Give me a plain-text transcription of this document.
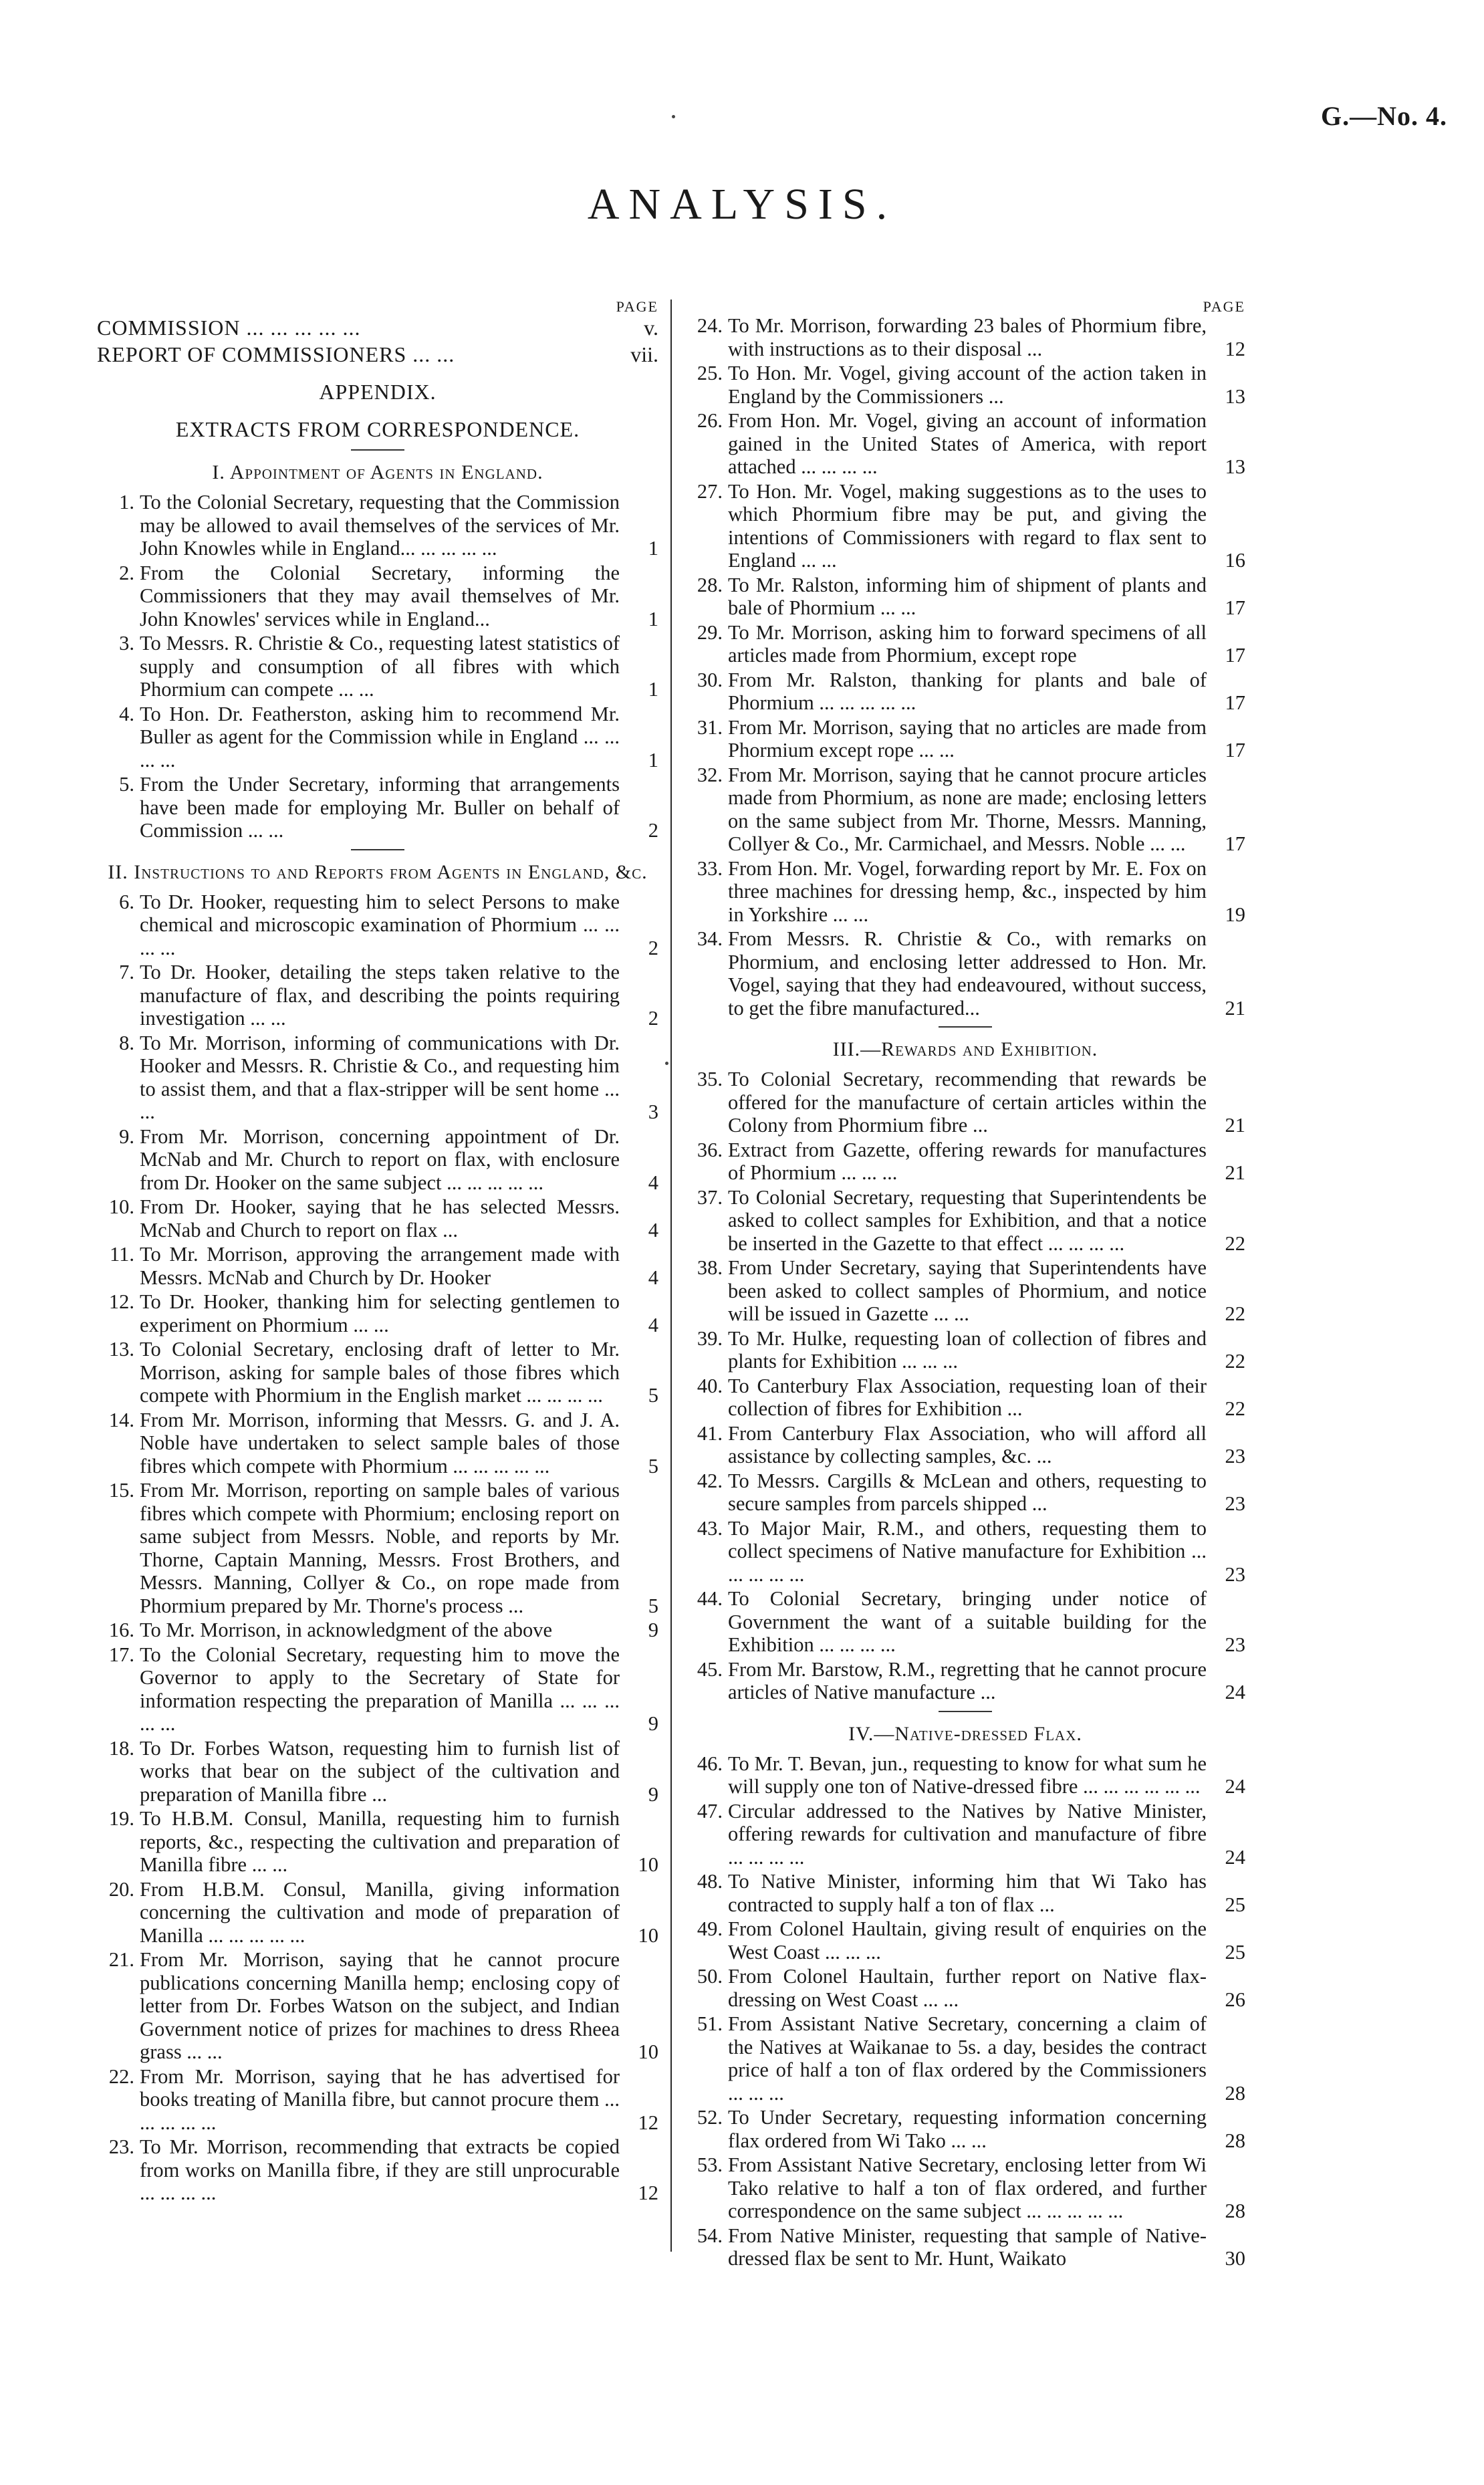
G.—No. 4.
ANALYSIS.
PAGE
COMMISSION ... ... ... ... ...	v.
REPORT OF COMMISSIONERS ... ...	vii.
APPENDIX.
EXTRACTS FROM CORRESPONDENCE.
I. Appointment of Agents in England.
1. To the Colonial Secretary, requesting that the Commission may be allowed to avail themselves of the services of Mr. John Knowles while in England... ... ... ... ...	1
2. From the Colonial Secretary, informing the Commissioners that they may avail themselves of Mr. John Knowles' services while in England...	1
3. To Messrs. R. Christie & Co., requesting latest statistics of supply and consumption of all fibres with which Phormium can compete ... ...	1
4. To Hon. Dr. Featherston, asking him to recommend Mr. Buller as agent for the Commission while in England ... ... ... ...	1
5. From the Under Secretary, informing that arrangements have been made for employing Mr. Buller on behalf of Commission ... ...	2
II. Instructions to and Reports from Agents in England, &c.
6. To Dr. Hooker, requesting him to select Persons to make chemical and microscopic examination of Phormium ... ... ... ...	2
7. To Dr. Hooker, detailing the steps taken relative to the manufacture of flax, and describing the points requiring investigation ... ...	2
8. To Mr. Morrison, informing of communications with Dr. Hooker and Messrs. R. Christie & Co., and requesting him to assist them, and that a flax-stripper will be sent home ... ...	3
9. From Mr. Morrison, concerning appointment of Dr. McNab and Mr. Church to report on flax, with enclosure from Dr. Hooker on the same subject ... ... ... ... ...	4
10. From Dr. Hooker, saying that he has selected Messrs. McNab and Church to report on flax ...	4
11. To Mr. Morrison, approving the arrangement made with Messrs. McNab and Church by Dr. Hooker	4
12. To Dr. Hooker, thanking him for selecting gentlemen to experiment on Phormium ... ...	4
13. To Colonial Secretary, enclosing draft of letter to Mr. Morrison, asking for sample bales of those fibres which compete with Phormium in the English market ... ... ... ...	5
14. From Mr. Morrison, informing that Messrs. G. and J. A. Noble have undertaken to select sample bales of those fibres which compete with Phormium ... ... ... ... ...	5
15. From Mr. Morrison, reporting on sample bales of various fibres which compete with Phormium; enclosing report on same subject from Messrs. Noble, and reports by Mr. Thorne, Captain Manning, Messrs. Frost Brothers, and Messrs. Manning, Collyer & Co., on rope made from Phormium prepared by Mr. Thorne's process ...	5
16. To Mr. Morrison, in acknowledgment of the above	9
17. To the Colonial Secretary, requesting him to move the Governor to apply to the Secretary of State for information respecting the preparation of Manilla ... ... ... ... ...	9
18. To Dr. Forbes Watson, requesting him to furnish list of works that bear on the subject of the cultivation and preparation of Manilla fibre ...	9
19. To H.B.M. Consul, Manilla, requesting him to furnish reports, &c., respecting the cultivation and preparation of Manilla fibre ... ...	10
20. From H.B.M. Consul, Manilla, giving information concerning the cultivation and mode of preparation of Manilla ... ... ... ... ...	10
21. From Mr. Morrison, saying that he cannot procure publications concerning Manilla hemp; enclosing copy of letter from Dr. Forbes Watson on the subject, and Indian Government notice of prizes for machines to dress Rheea grass ... ...	10
22. From Mr. Morrison, saying that he has advertised for books treating of Manilla fibre, but cannot procure them ... ... ... ... ...	12
23. To Mr. Morrison, recommending that extracts be copied from works on Manilla fibre, if they are still unprocurable ... ... ... ...	12
PAGE
24. To Mr. Morrison, forwarding 23 bales of Phormium fibre, with instructions as to their disposal ...	12
25. To Hon. Mr. Vogel, giving account of the action taken in England by the Commissioners ...	13
26. From Hon. Mr. Vogel, giving an account of information gained in the United States of America, with report attached ... ... ... ...	13
27. To Hon. Mr. Vogel, making suggestions as to the uses to which Phormium fibre may be put, and giving the intentions of Commissioners with regard to flax sent to England ... ...	16
28. To Mr. Ralston, informing him of shipment of plants and bale of Phormium ... ...	17
29. To Mr. Morrison, asking him to forward specimens of all articles made from Phormium, except rope	17
30. From Mr. Ralston, thanking for plants and bale of Phormium ... ... ... ... ...	17
31. From Mr. Morrison, saying that no articles are made from Phormium except rope ... ...	17
32. From Mr. Morrison, saying that he cannot procure articles made from Phormium, as none are made; enclosing letters on the same subject from Mr. Thorne, Messrs. Manning, Collyer & Co., Mr. Carmichael, and Messrs. Noble ... ...	17
33. From Hon. Mr. Vogel, forwarding report by Mr. E. Fox on three machines for dressing hemp, &c., inspected by him in Yorkshire ... ...	19
34. From Messrs. R. Christie & Co., with remarks on Phormium, and enclosing letter addressed to Hon. Mr. Vogel, saying that they had endeavoured, without success, to get the fibre manufactured...	21
III.—Rewards and Exhibition.
35. To Colonial Secretary, recommending that rewards be offered for the manufacture of certain articles within the Colony from Phormium fibre ...	21
36. Extract from Gazette, offering rewards for manufactures of Phormium ... ... ...	21
37. To Colonial Secretary, requesting that Superintendents be asked to collect samples for Exhibition, and that a notice be inserted in the Gazette to that effect ... ... ... ...	22
38. From Under Secretary, saying that Superintendents have been asked to collect samples of Phormium, and notice will be issued in Gazette ... ...	22
39. To Mr. Hulke, requesting loan of collection of fibres and plants for Exhibition ... ... ...	22
40. To Canterbury Flax Association, requesting loan of their collection of fibres for Exhibition ...	22
41. From Canterbury Flax Association, who will afford all assistance by collecting samples, &c. ...	23
42. To Messrs. Cargills & McLean and others, requesting to secure samples from parcels shipped ...	23
43. To Major Mair, R.M., and others, requesting them to collect specimens of Native manufacture for Exhibition ... ... ... ... ...	23
44. To Colonial Secretary, bringing under notice of Government the want of a suitable building for the Exhibition ... ... ... ...	23
45. From Mr. Barstow, R.M., regretting that he cannot procure articles of Native manufacture ...	24
IV.—Native-dressed Flax.
46. To Mr. T. Bevan, jun., requesting to know for what sum he will supply one ton of Native-dressed fibre ... ... ... ... ... ...	24
47. Circular addressed to the Natives by Native Minister, offering rewards for cultivation and manufacture of fibre ... ... ... ...	24
48. To Native Minister, informing him that Wi Tako has contracted to supply half a ton of flax ...	25
49. From Colonel Haultain, giving result of enquiries on the West Coast ... ... ...	25
50. From Colonel Haultain, further report on Native flax-dressing on West Coast ... ...	26
51. From Assistant Native Secretary, concerning a claim of the Natives at Waikanae to 5s. a day, besides the contract price of half a ton of flax ordered by the Commissioners ... ... ...	28
52. To Under Secretary, requesting information concerning flax ordered from Wi Tako ... ...	28
53. From Assistant Native Secretary, enclosing letter from Wi Tako relative to half a ton of flax ordered, and further correspondence on the same subject ... ... ... ... ...	28
54. From Native Minister, requesting that sample of Native-dressed flax be sent to Mr. Hunt, Waikato	30
